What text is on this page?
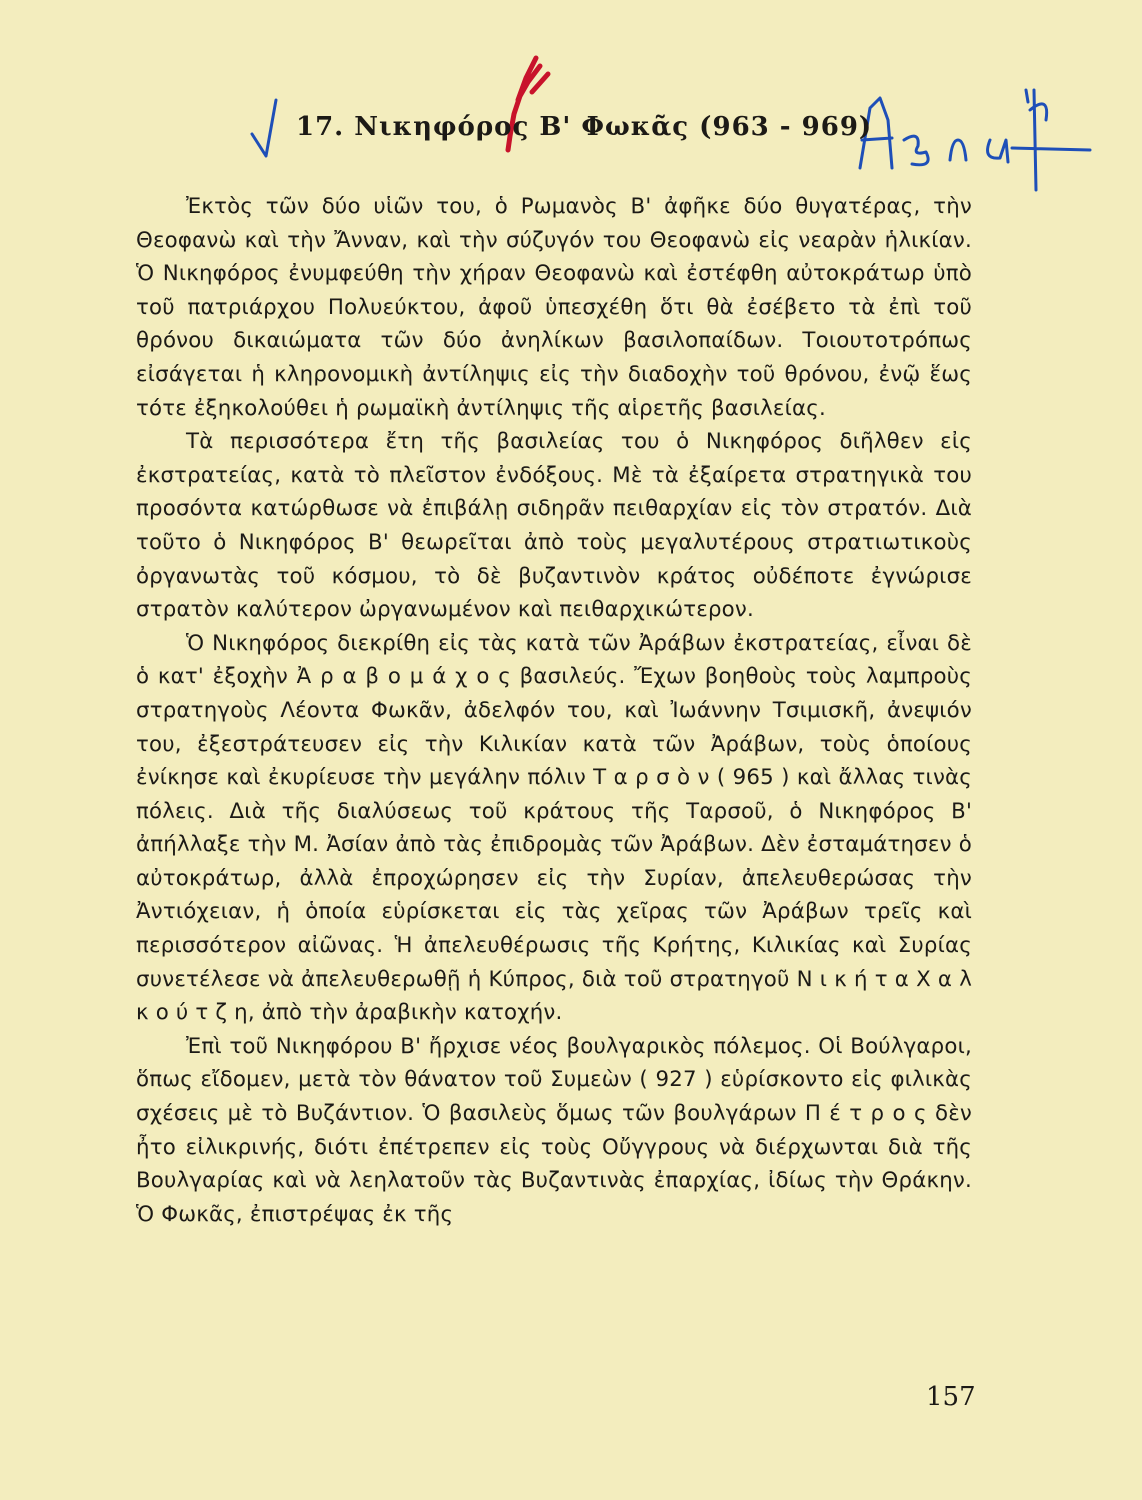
17. Νικηφόρος Β' Φωκᾶς (963 - 969)

Ἐκτὸς τῶν δύο υἱῶν του, ὁ Ρωμανὸς Β' ἀφῆκε δύο θυγατέρας, τὴν Θεοφανὼ καὶ τὴν Ἄνναν, καὶ τὴν σύζυγόν του Θεοφανὼ εἰς νεαρὰν ἡλικίαν. Ὁ Νικηφόρος ἐνυμφεύθη τὴν χήραν Θεοφανὼ καὶ ἐστέφθη αὐτοκράτωρ ὑπὸ τοῦ πατριάρχου Πολυεύκτου, ἀφοῦ ὑπεσχέθη ὅτι θὰ ἐσέβετο τὰ ἐπὶ τοῦ θρόνου δικαιώματα τῶν δύο ἀνηλίκων βασιλοπαίδων. Τοιουτοτρόπως εἰσάγεται ἡ κληρονομικὴ ἀντίληψις εἰς τὴν διαδοχὴν τοῦ θρόνου, ἐνῷ ἕως τότε ἐξηκολούθει ἡ ρωμαϊκὴ ἀντίληψις τῆς αἱρετῆς βασιλείας.

Τὰ περισσότερα ἔτη τῆς βασιλείας του ὁ Νικηφόρος διῆλθεν εἰς ἐκστρατείας, κατὰ τὸ πλεῖστον ἐνδόξους. Μὲ τὰ ἐξαίρετα στρατηγικὰ του προσόντα κατώρθωσε νὰ ἐπιβάλῃ σιδηρᾶν πειθαρχίαν εἰς τὸν στρατόν. Διὰ τοῦτο ὁ Νικηφόρος Β' θεωρεῖται ἀπὸ τοὺς μεγαλυτέρους στρατιωτικοὺς ὀργανωτὰς τοῦ κόσμου, τὸ δὲ βυζαντινὸν κράτος οὐδέποτε ἐγνώρισε στρατὸν καλύτερον ὠργανωμένον καὶ πειθαρχικώτερον.

Ὁ Νικηφόρος διεκρίθη εἰς τὰς κατὰ τῶν Ἀράβων ἐκστρατείας, εἶναι δὲ ὁ κατ' ἐξοχὴν Ἀ ρ α β ο μ ά χ ο ς βασιλεύς. Ἔχων βοηθοὺς τοὺς λαμπροὺς στρατηγοὺς Λέοντα Φωκᾶν, ἀδελφόν του, καὶ Ἰωάννην Τσιμισκῆ, ἀνεψιόν του, ἐξεστράτευσεν εἰς τὴν Κιλικίαν κατὰ τῶν Ἀράβων, τοὺς ὁποίους ἐνίκησε καὶ ἐκυρίευσε τὴν μεγάλην πόλιν Τ α ρ σ ὸ ν ( 965 ) καὶ ἄλλας τινὰς πόλεις. Διὰ τῆς διαλύσεως τοῦ κράτους τῆς Ταρσοῦ, ὁ Νικηφόρος Β' ἀπήλλαξε τὴν Μ. Ἀσίαν ἀπὸ τὰς ἐπιδρομὰς τῶν Ἀράβων. Δὲν ἐσταμάτησεν ὁ αὐτοκράτωρ, ἀλλὰ ἐπροχώρησεν εἰς τὴν Συρίαν, ἀπελευθερώσας τὴν Ἀντιόχειαν, ἡ ὁποία εὑρίσκεται εἰς τὰς χεῖρας τῶν Ἀράβων τρεῖς καὶ περισσότερον αἰῶνας. Ἡ ἀπελευθέρωσις τῆς Κρήτης, Κιλικίας καὶ Συρίας συνετέλεσε νὰ ἀπελευθερωθῇ ἡ Κύπρος, διὰ τοῦ στρατηγοῦ Ν ι κ ή τ α Χ α λ κ ο ύ τ ζ η, ἀπὸ τὴν ἀραβικὴν κατοχήν.

Ἐπὶ τοῦ Νικηφόρου Β' ἤρχισε νέος βουλγαρικὸς πόλεμος. Οἱ Βούλγαροι, ὅπως εἴδομεν, μετὰ τὸν θάνατον τοῦ Συμεὼν ( 927 ) εὑρίσκοντο εἰς φιλικὰς σχέσεις μὲ τὸ Βυζάντιον. Ὁ βασιλεὺς ὅμως τῶν βουλγάρων Π έ τ ρ ο ς δὲν ἦτο εἰλικρινής, διότι ἐπέτρεπεν εἰς τοὺς Οὔγγρους νὰ διέρχωνται διὰ τῆς Βουλγαρίας καὶ νὰ λεηλατοῦν τὰς Βυζαντινὰς ἐπαρχίας, ἰδίως τὴν Θράκην. Ὁ Φωκᾶς, ἐπιστρέψας ἐκ τῆς

157
